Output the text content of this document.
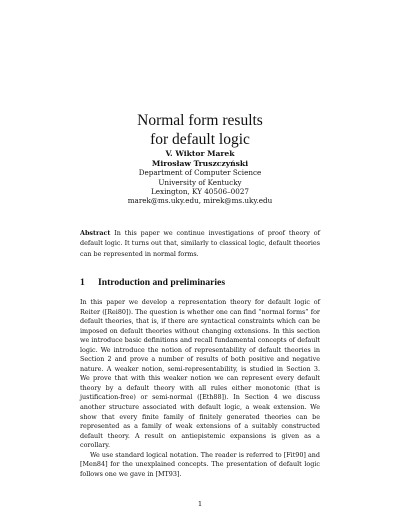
Normal form results
for default logic
V. Wiktor Marek
Mirosław Truszczyński
Department of Computer Science
University of Kentucky
Lexington, KY 40506–0027
marek@ms.uky.edu, mirek@ms.uky.edu
Abstract In this paper we continue investigations of proof theory of default logic. It turns out that, similarly to classical logic, default theories can be represented in normal forms.
1 Introduction and preliminaries

In this paper we develop a representation theory for default logic of Reiter ([Rei80]). The question is whether one can find “normal forms” for default theories, that is, if there are syntactical constraints which can be imposed on default theories without changing extensions. In this section we introduce basic definitions and recall fundamental concepts of default logic. We introduce the notion of representability of default theories in Section 2 and prove a number of results of both positive and negative nature. A weaker notion, semi-representability, is studied in Section 3. We prove that with this weaker notion we can represent every default theory by a default theory with all rules either monotonic (that is justification-free) or semi-normal ([Eth88]). In Section 4 we discuss another structure associated with default logic, a weak extension. We show that every finite family of finitely generated theories can be represented as a family of weak extensions of a suitably constructed default theory. A result on antiepistemic expansions is given as a corollary.

We use standard logical notation. The reader is referred to [Fit90] and [Men84] for the unexplained concepts. The presentation of default logic follows one we gave in [MT93].

1
